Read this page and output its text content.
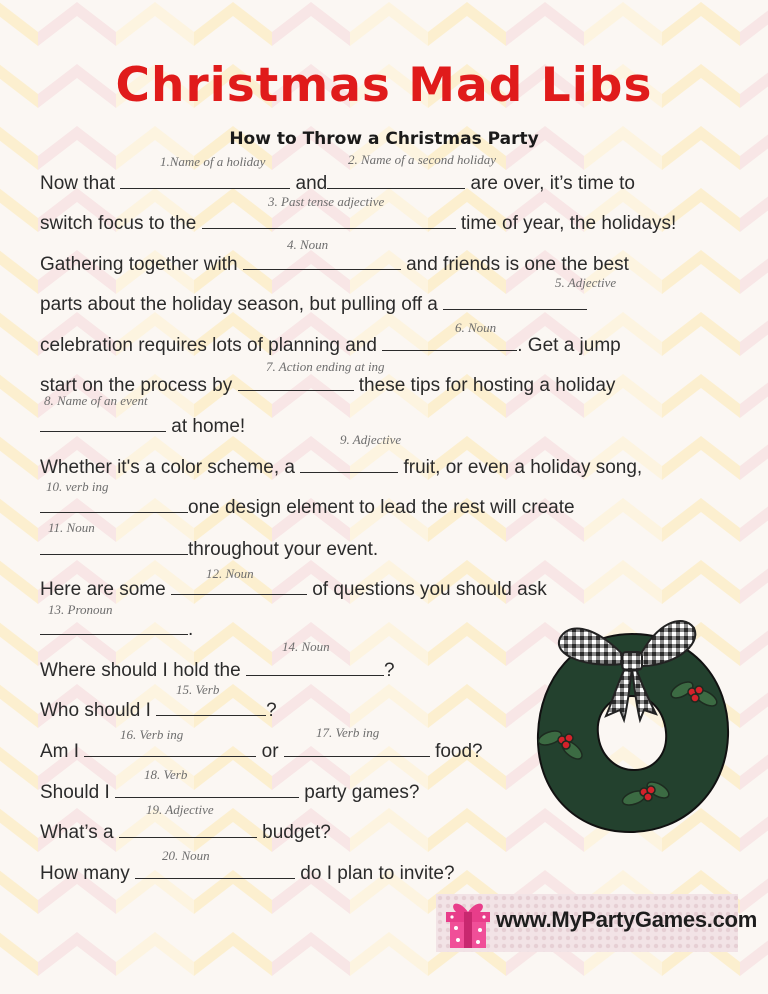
Christmas Mad Libs
How to Throw a Christmas Party
1.Name of a holiday	2. Name of a second holiday
3. Past tense adjective
4. Noun
5. Adjective
6. Noun
7. Action ending at ing
8. Name of an event
9. Adjective
10. verb ing
11. Noun
12. Noun
13. Pronoun
14. Noun
15. Verb
16. Verb ing	17. Verb ing
18. Verb
19. Adjective
20. Noun
Now that	and	are over, it’s time to
switch focus to the	time of year, the holidays!
Gathering together with	and friends is one the best
parts about the holiday season, but pulling off a
celebration requires lots of planning and	. Get a jump
start on the process by	these tips for hosting a holiday
at home!
Whether it's a color scheme, a	fruit, or even a holiday song,
one design element to lead the rest will create
throughout your event.
Here are some	of questions you should ask
.
Where should I hold the	?
Who should I	?
Am I	or	food?
Should I	party games?
What’s a	budget?
How many	do I plan to invite?
www.MyPartyGames.com
